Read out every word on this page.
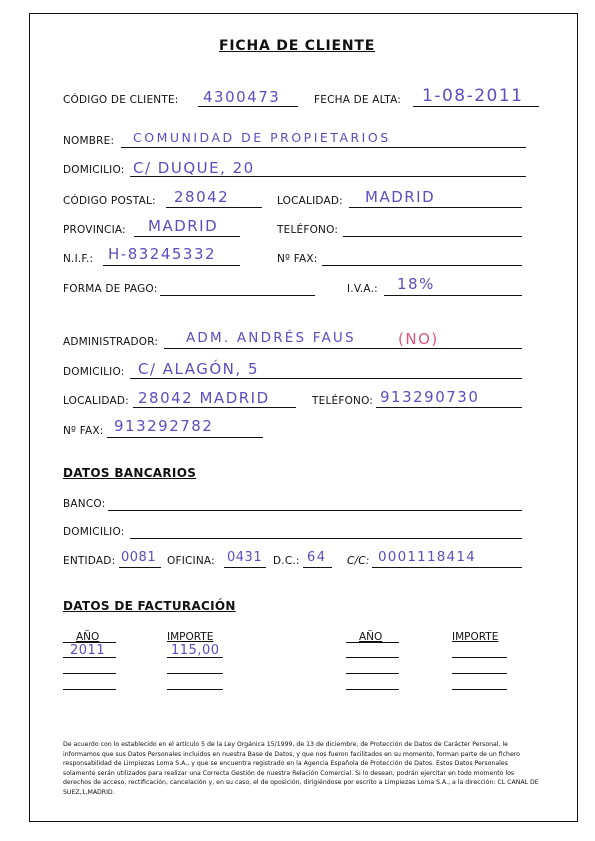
FICHA DE CLIENTE
CÓDIGO DE CLIENTE: 4300473	FECHA DE ALTA: 1-08-2011
NOMBRE: COMUNIDAD DE PROPIETARIOS
DOMICILIO: C/ DUQUE, 20
CÓDIGO POSTAL: 28042	LOCALIDAD: MADRID
PROVINCIA: MADRID	TELÉFONO:
N.I.F.: H-83245332	Nº FAX:
FORMA DE PAGO:	I.V.A.: 18%
ADMINISTRADOR: ADM. ANDRÉS FAUS	(NO)
DOMICILIO: C/ ALAGÓN, 5
LOCALIDAD: 28042 MADRID	TELÉFONO: 913290730
Nº FAX: 913292782
DATOS BANCARIOS
BANCO:
DOMICILIO:
ENTIDAD: 0081 OFICINA: 0431 D.C.: 64 C/C: 0001118414
DATOS DE FACTURACIÓN
AÑO	IMPORTE	AÑO	IMPORTE
2011	115,00
De acuerdo con lo establecido en el artículo 5 de la Ley Orgánica 15/1999, de 13 de diciembre, de Protección de Datos de Carácter Personal, le informamos que sus Datos Personales incluidos en nuestra Base de Datos, y que nos fueron facilitados en su momento, forman parte de un fichero responsabilidad de Limpiezas Loma S.A., y que se encuentra registrado en la Agencia Española de Protección de Datos. Estos Datos Personales solamente serán utilizados para realizar una Correcta Gestión de nuestra Relación Comercial. Si lo desean, podrán ejercitar en todo momento los derechos de acceso, rectificación, cancelación y, en su caso, el de oposición, dirigiéndose por escrito a Limpiezas Loma S.A., a la dirección: CL CANAL DE SUEZ,1,MADRID.
